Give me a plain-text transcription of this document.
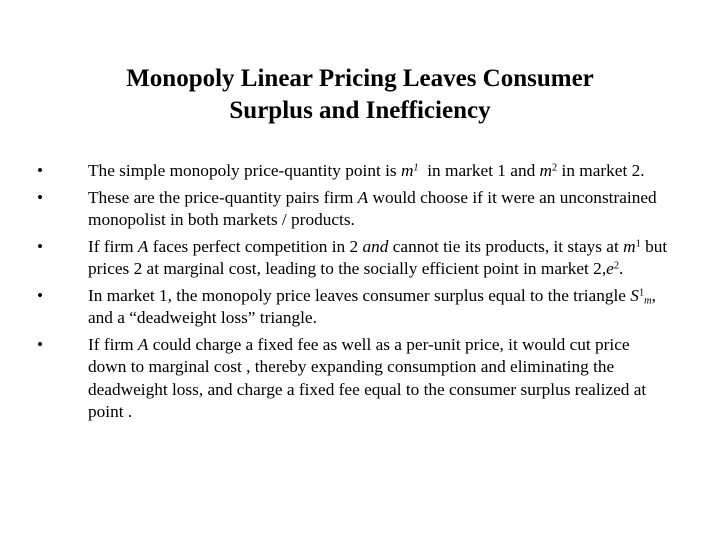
Monopoly Linear Pricing Leaves Consumer
Surplus and Inefficiency
•	The simple monopoly price-quantity point is $m^1$  in market 1 and $m^2$ in market 2.
•	These are the price-quantity pairs firm A would choose if it were an unconstrained monopolist in both markets / products.
•	If firm A faces perfect competition in 2 and cannot tie its products, it stays at $m^1$ but prices 2 at marginal cost, leading to the socially efficient point in market $2,e^2$.
•	In market 1, the monopoly price leaves consumer surplus equal to the triangle $S^1_m$, and a “deadweight loss” triangle.
•	If firm A could charge a fixed fee as well as a per-unit price, it would cut price down to marginal cost , thereby expanding consumption and eliminating the deadweight loss, and charge a fixed fee equal to the consumer surplus realized at point .
